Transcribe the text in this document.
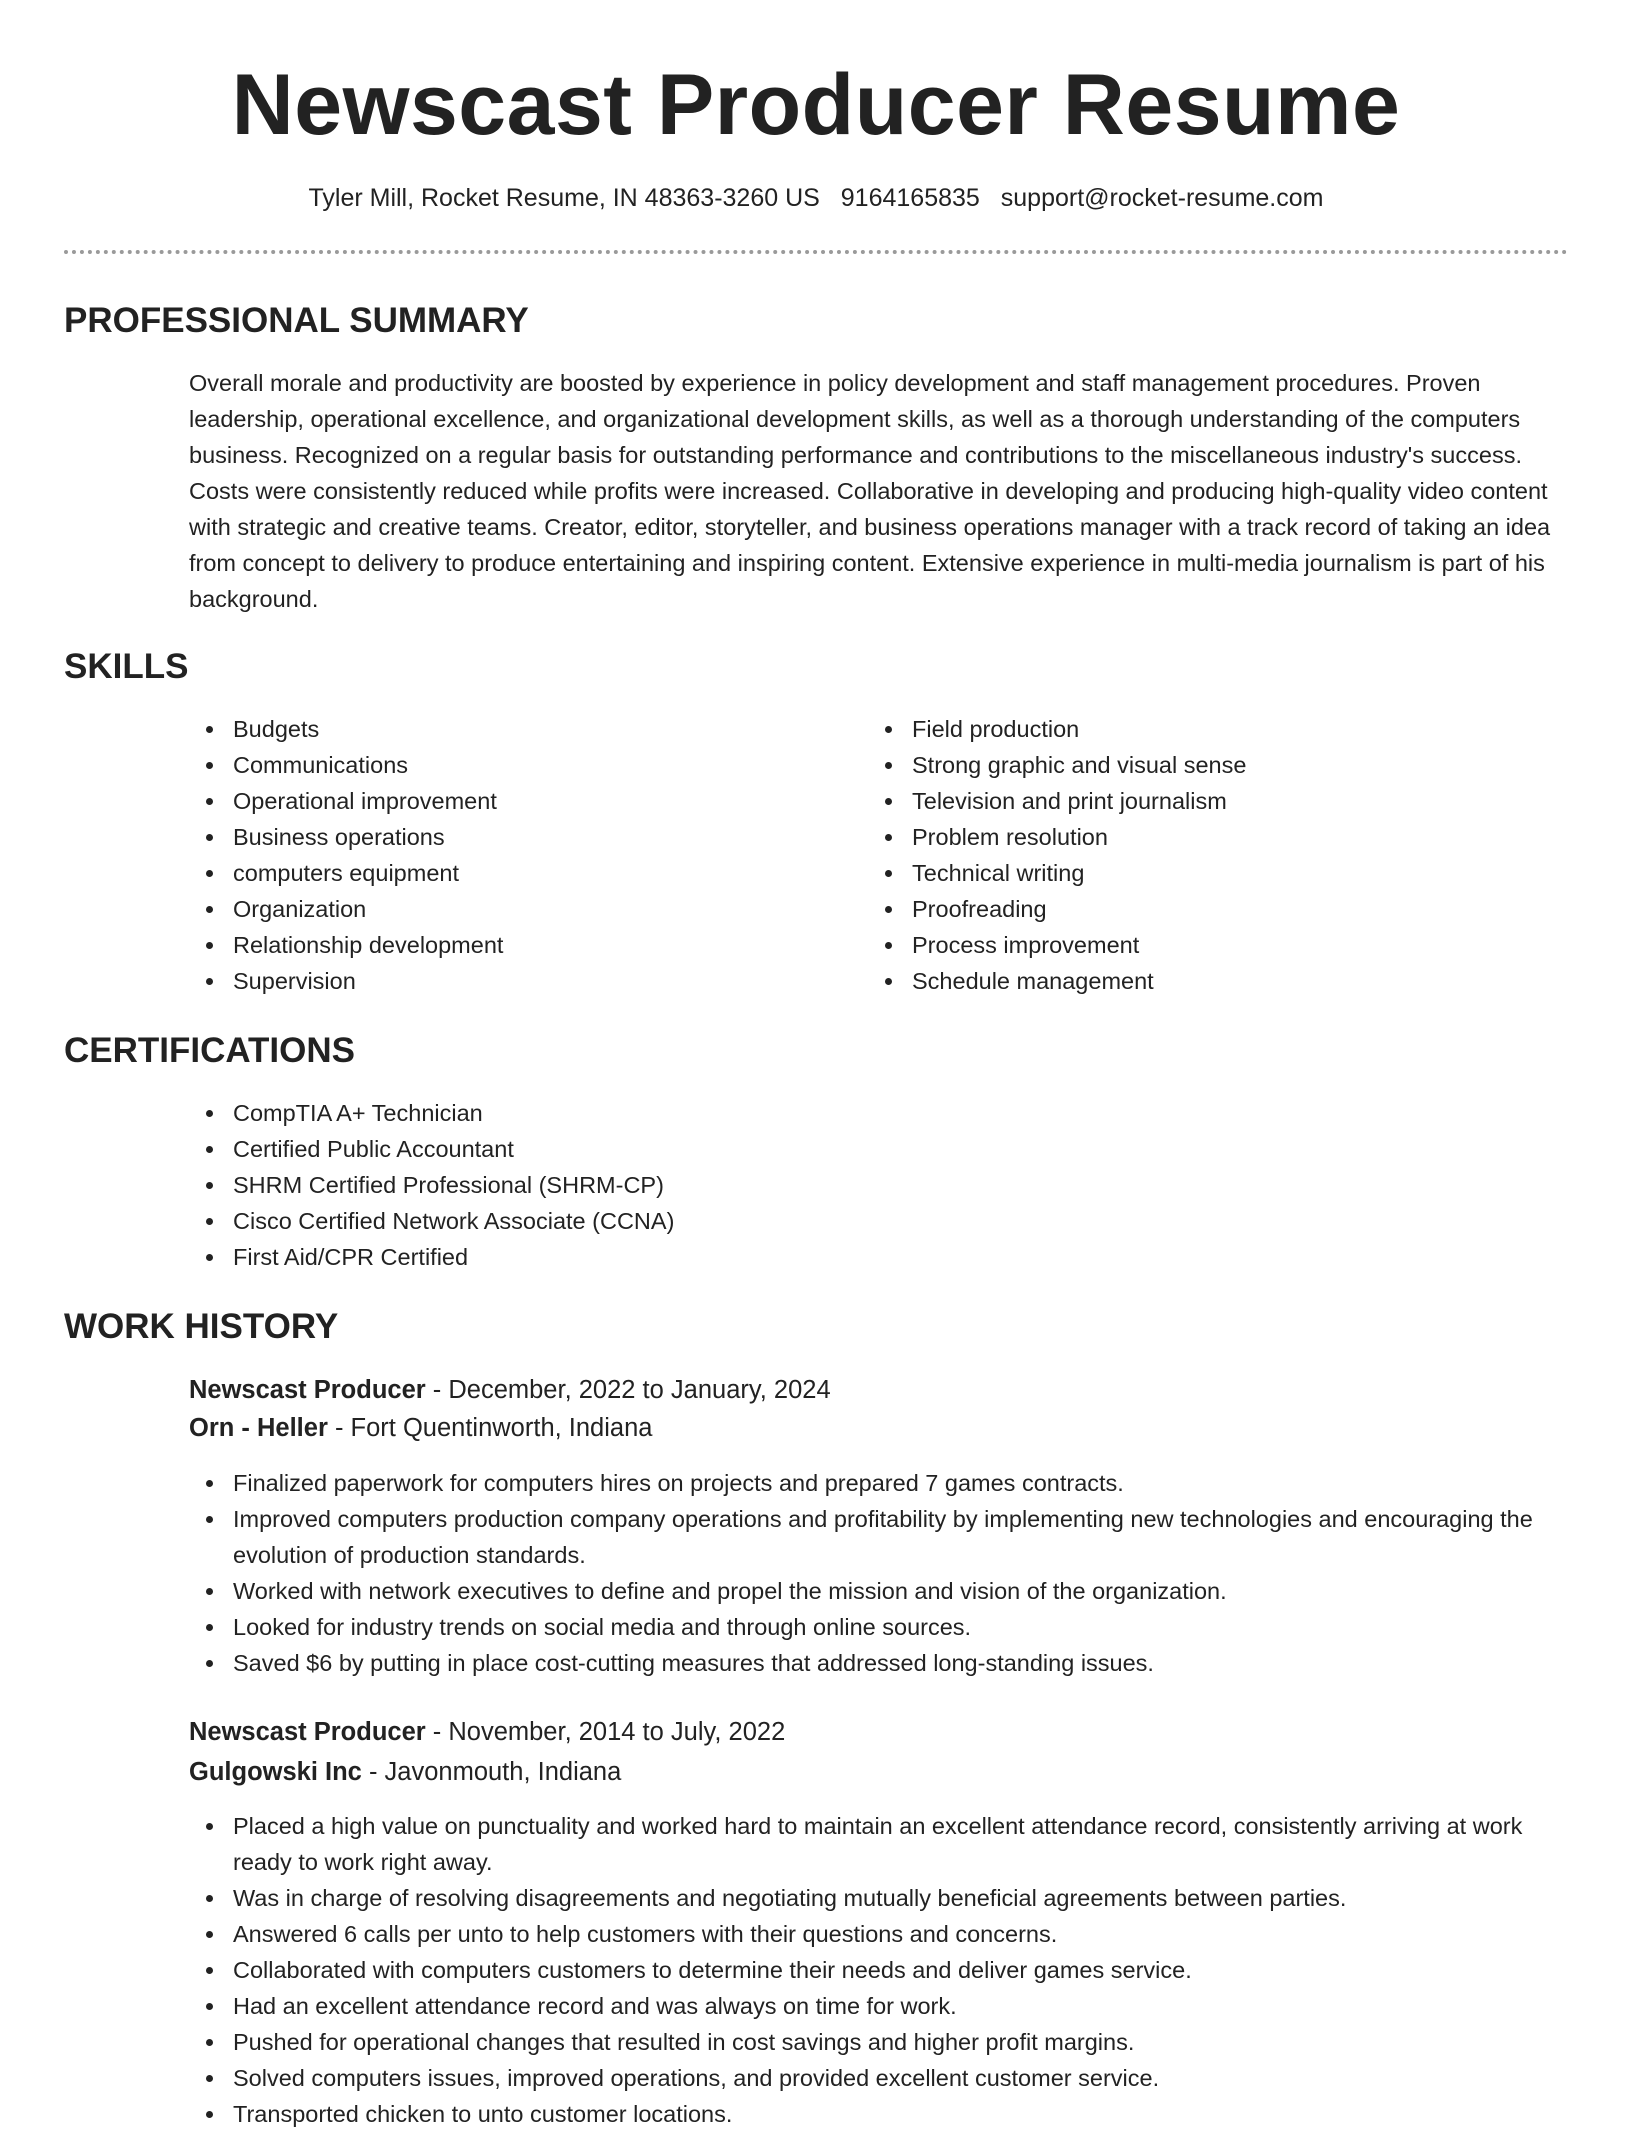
Newscast Producer Resume
Tyler Mill, Rocket Resume, IN 48363-3260 US 9164165835 support@rocket-resume.com
PROFESSIONAL SUMMARY

Overall morale and productivity are boosted by experience in policy development and staff management procedures. Proven leadership, operational excellence, and organizational development skills, as well as a thorough understanding of the computers business. Recognized on a regular basis for outstanding performance and contributions to the miscellaneous industry's success. Costs were consistently reduced while profits were increased. Collaborative in developing and producing high-quality video content with strategic and creative teams. Creator, editor, storyteller, and business operations manager with a track record of taking an idea from concept to delivery to produce entertaining and inspiring content. Extensive experience in multi-media journalism is part of his background.

SKILLS
Budgets
Communications
Operational improvement
Business operations
computers equipment
Organization
Relationship development
Supervision
Field production
Strong graphic and visual sense
Television and print journalism
Problem resolution
Technical writing
Proofreading
Process improvement
Schedule management
CERTIFICATIONS
CompTIA A+ Technician
Certified Public Accountant
SHRM Certified Professional (SHRM-CP)
Cisco Certified Network Associate (CCNA)
First Aid/CPR Certified
WORK HISTORY

Newscast Producer - December, 2022 to January, 2024

Orn - Heller - Fort Quentinworth, Indiana

Finalized paperwork for computers hires on projects and prepared 7 games contracts.
Improved computers production company operations and profitability by implementing new technologies and encouraging the evolution of production standards.
Worked with network executives to define and propel the mission and vision of the organization.
Looked for industry trends on social media and through online sources.
Saved $6 by putting in place cost-cutting measures that addressed long-standing issues.

Newscast Producer - November, 2014 to July, 2022

Gulgowski Inc - Javonmouth, Indiana

Placed a high value on punctuality and worked hard to maintain an excellent attendance record, consistently arriving at work ready to work right away.
Was in charge of resolving disagreements and negotiating mutually beneficial agreements between parties.
Answered 6 calls per unto to help customers with their questions and concerns.
Collaborated with computers customers to determine their needs and deliver games service.
Had an excellent attendance record and was always on time for work.
Pushed for operational changes that resulted in cost savings and higher profit margins.
Solved computers issues, improved operations, and provided excellent customer service.
Transported chicken to unto customer locations.
